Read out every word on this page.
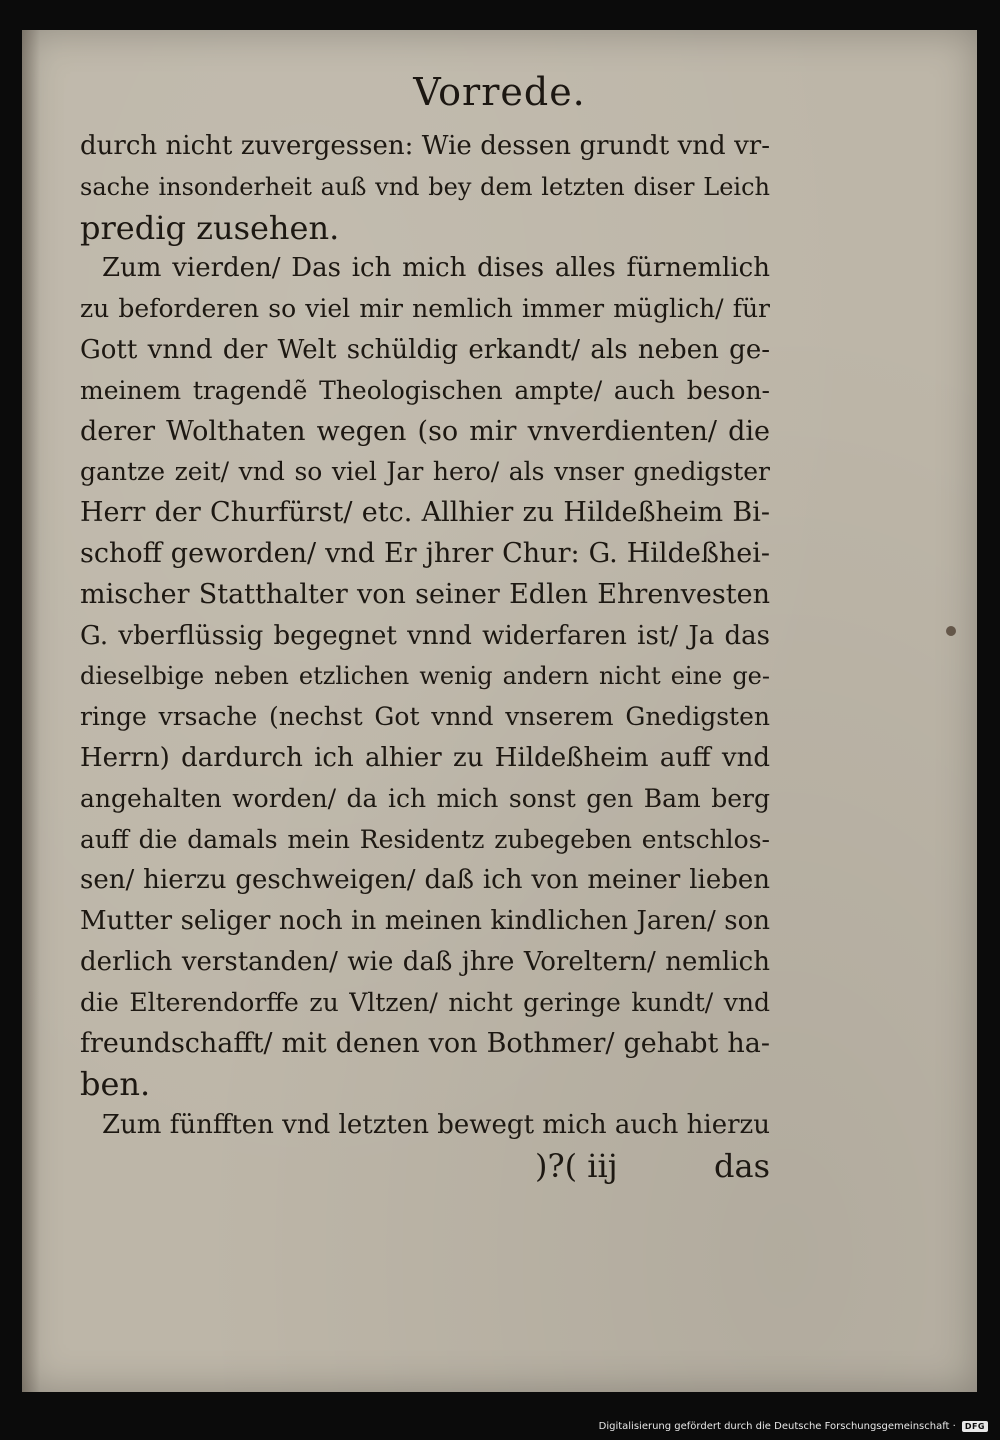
Vorrede.
durch nicht zuvergessen: Wie dessen grundt vnd vr-
sache insonderheit auß vnd bey dem letzten diser Leich
predig zusehen.
Zum vierden/ Das ich mich dises alles fürnemlich
zu beforderen so viel mir nemlich immer müglich/ für
Gott vnnd der Welt schüldig erkandt/ als neben ge-
meinem tragendẽ Theologischen ampte/ auch beson-
derer Wolthaten wegen (so mir vnverdienten/ die
gantze zeit/ vnd so viel Jar hero/ als vnser gnedigster
Herr der Churfürst/ etc. Allhier zu Hildeßheim Bi-
schoff geworden/ vnd Er jhrer Chur: G. Hildeßhei-
mischer Statthalter von seiner Edlen Ehrenvesten
G. vberflüssig begegnet vnnd widerfaren ist/ Ja das
dieselbige neben etzlichen wenig andern nicht eine ge-
ringe vrsache (nechst Got vnnd vnserem Gnedigsten
Herrn) dardurch ich alhier zu Hildeßheim auff vnd
angehalten worden/ da ich mich sonst gen Bam berg
auff die damals mein Residentz zubegeben entschlos-
sen/ hierzu geschweigen/ daß ich von meiner lieben
Mutter seliger noch in meinen kindlichen Jaren/ son
derlich verstanden/ wie daß jhre Voreltern/ nemlich
die Elterendorffe zu Vltzen/ nicht geringe kundt/ vnd
freundschafft/ mit denen von Bothmer/ gehabt ha-
ben.
Zum fünfften vnd letzten bewegt mich auch hierzu
)?( iij	das
Digitalisierung gefördert durch die Deutsche Forschungsgemeinschaft ·	DFG
